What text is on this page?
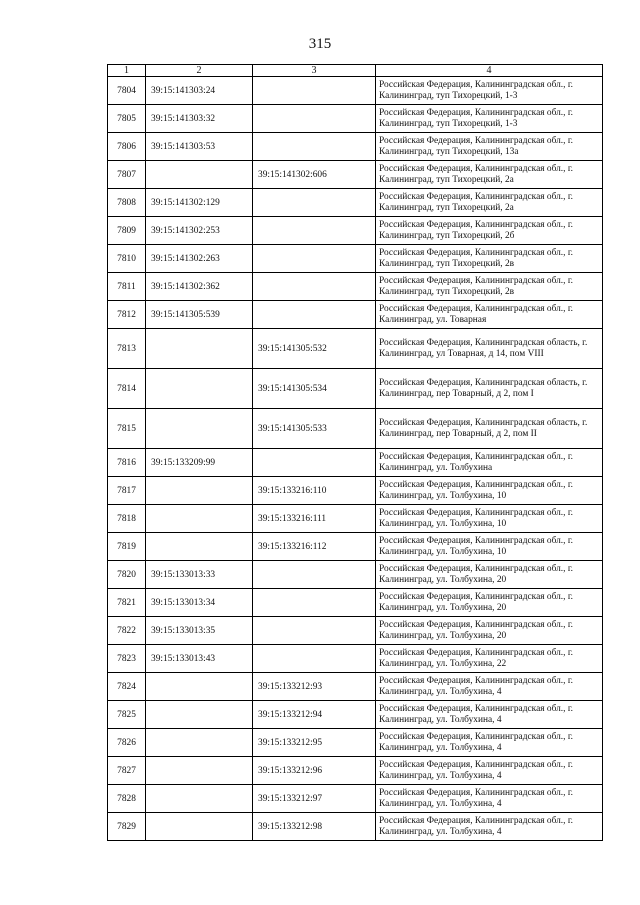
315
1	2	3	4
7804	39:15:141303:24		Российская Федерация, Калининградская обл., г. Калининград, туп Тихорецкий, 1-3
7805	39:15:141303:32		Российская Федерация, Калининградская обл., г. Калининград, туп Тихорецкий, 1-3
7806	39:15:141303:53		Российская Федерация, Калининградская обл., г. Калининград, туп Тихорецкий, 13а
7807		39:15:141302:606	Российская Федерация, Калининградская обл., г. Калининград, туп Тихорецкий, 2а
7808	39:15:141302:129		Российская Федерация, Калининградская обл., г. Калининград, туп Тихорецкий, 2а
7809	39:15:141302:253		Российская Федерация, Калининградская обл., г. Калининград, туп Тихорецкий, 2б
7810	39:15:141302:263		Российская Федерация, Калининградская обл., г. Калининград, туп Тихорецкий, 2в
7811	39:15:141302:362		Российская Федерация, Калининградская обл., г. Калининград, туп Тихорецкий, 2в
7812	39:15:141305:539		Российская Федерация, Калининградская обл., г. Калининград, ул. Товарная
7813		39:15:141305:532	Российская Федерация, Калининградская область, г. Калининград, ул Товарная, д 14, пом VIII
7814		39:15:141305:534	Российская Федерация, Калининградская область, г. Калининград, пер Товарный, д 2, пом I
7815		39:15:141305:533	Российская Федерация, Калининградская область, г. Калининград, пер Товарный, д 2, пом II
7816	39:15:133209:99		Российская Федерация, Калининградская обл., г. Калининград, ул. Толбухина
7817		39:15:133216:110	Российская Федерация, Калининградская обл., г. Калининград, ул. Толбухина, 10
7818		39:15:133216:111	Российская Федерация, Калининградская обл., г. Калининград, ул. Толбухина, 10
7819		39:15:133216:112	Российская Федерация, Калининградская обл., г. Калининград, ул. Толбухина, 10
7820	39:15:133013:33		Российская Федерация, Калининградская обл., г. Калининград, ул. Толбухина, 20
7821	39:15:133013:34		Российская Федерация, Калининградская обл., г. Калининград, ул. Толбухина, 20
7822	39:15:133013:35		Российская Федерация, Калининградская обл., г. Калининград, ул. Толбухина, 20
7823	39:15:133013:43		Российская Федерация, Калининградская обл., г. Калининград, ул. Толбухина, 22
7824		39:15:133212:93	Российская Федерация, Калининградская обл., г. Калининград, ул. Толбухина, 4
7825		39:15:133212:94	Российская Федерация, Калининградская обл., г. Калининград, ул. Толбухина, 4
7826		39:15:133212:95	Российская Федерация, Калининградская обл., г. Калининград, ул. Толбухина, 4
7827		39:15:133212:96	Российская Федерация, Калининградская обл., г. Калининград, ул. Толбухина, 4
7828		39:15:133212:97	Российская Федерация, Калининградская обл., г. Калининград, ул. Толбухина, 4
7829		39:15:133212:98	Российская Федерация, Калининградская обл., г. Калининград, ул. Толбухина, 4
